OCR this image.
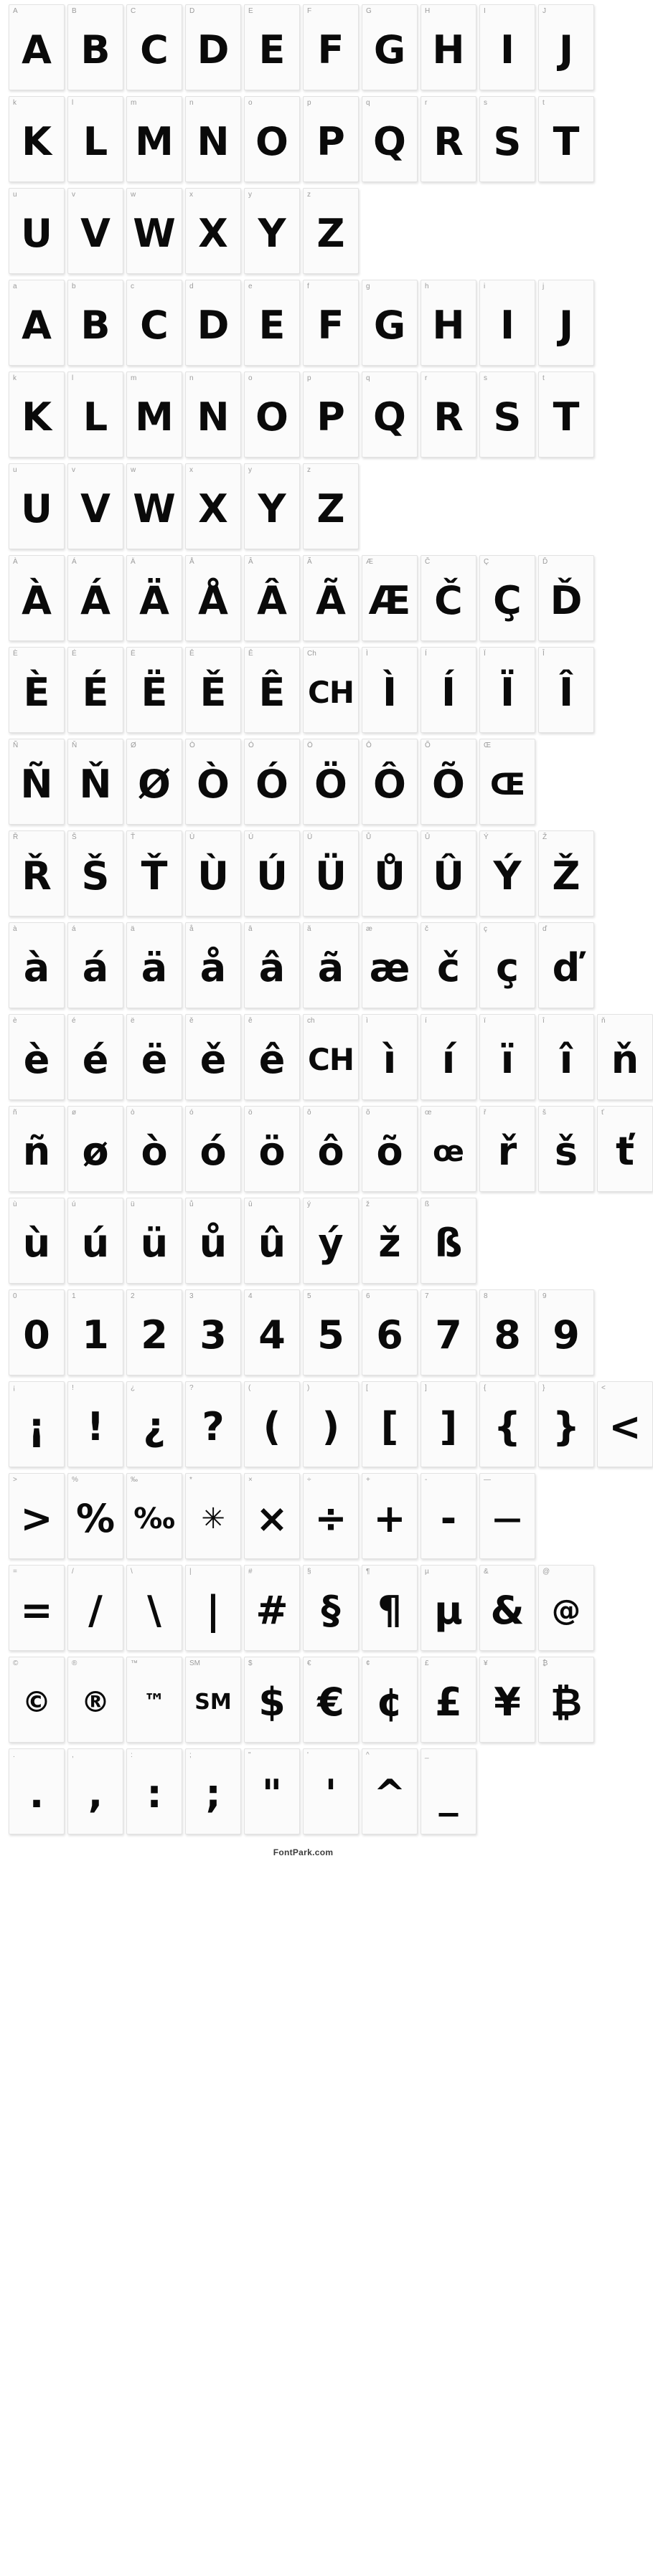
A
A
B
B
C
C
D
D
E
E
F
F
G
G
H
H
I
I
J
J
k
K
l
L
m
M
n
N
o
O
p
P
q
Q
r
R
s
S
t
T
u
U
v
V
w
W
x
X
y
Y
z
Z
a
A
b
B
c
C
d
D
e
E
f
F
g
G
h
H
i
I
j
J
k
K
l
L
m
M
n
N
o
O
p
P
q
Q
r
R
s
S
t
T
u
U
v
V
w
W
x
X
y
Y
z
Z
À
À
Á
Á
Ä
Ä
Å
Å
Â
Â
Ã
Ã
Æ
Æ
Č
Č
Ç
Ç
Ď
Ď
È
È
É
É
Ë
Ë
Ě
Ě
Ê
Ê
Ch
CH
Ì
Ì
Í
Í
Ï
Ï
Î
Î
Ñ
Ñ
Ň
Ň
Ø
Ø
Ò
Ò
Ó
Ó
Ö
Ö
Ô
Ô
Õ
Õ
Œ
Œ
Ř
Ř
Š
Š
Ť
Ť
Ù
Ù
Ú
Ú
Ü
Ü
Ů
Ů
Û
Û
Ý
Ý
Ž
Ž
à
à
á
á
ä
ä
å
å
â
â
ã
ã
æ
æ
č
č
ç
ç
ď
ď
è
è
é
é
ë
ë
ě
ě
ê
ê
ch
CH
ì
ì
í
í
ï
ï
î
î
ň
ň
ñ
ñ
ø
ø
ò
ò
ó
ó
ö
ö
ô
ô
õ
õ
œ
œ
ř
ř
š
š
ť
ť
ù
ù
ú
ú
ü
ü
ů
ů
û
û
ý
ý
ž
ž
ß
ß
0
0
1
1
2
2
3
3
4
4
5
5
6
6
7
7
8
8
9
9
¡
¡
!
!
¿
¿
?
?
(
(
)
)
[
[
]
]
{
{
}
}
<
<
>
>
%
%
‰
‰
*
✳
×
×
÷
÷
+
+
-
-
—
—
=
=
/
/
\
\
|
|
#
#
§
§
¶
¶
µ
µ
&
&
@
@
©
©
®
®
™
™
SM
SM
$
$
€
€
¢
¢
£
£
¥
¥
₿
₿
.
.
,
,
:
:
;
;
"
"
'
'
^
^
_
_
FontPark.com
